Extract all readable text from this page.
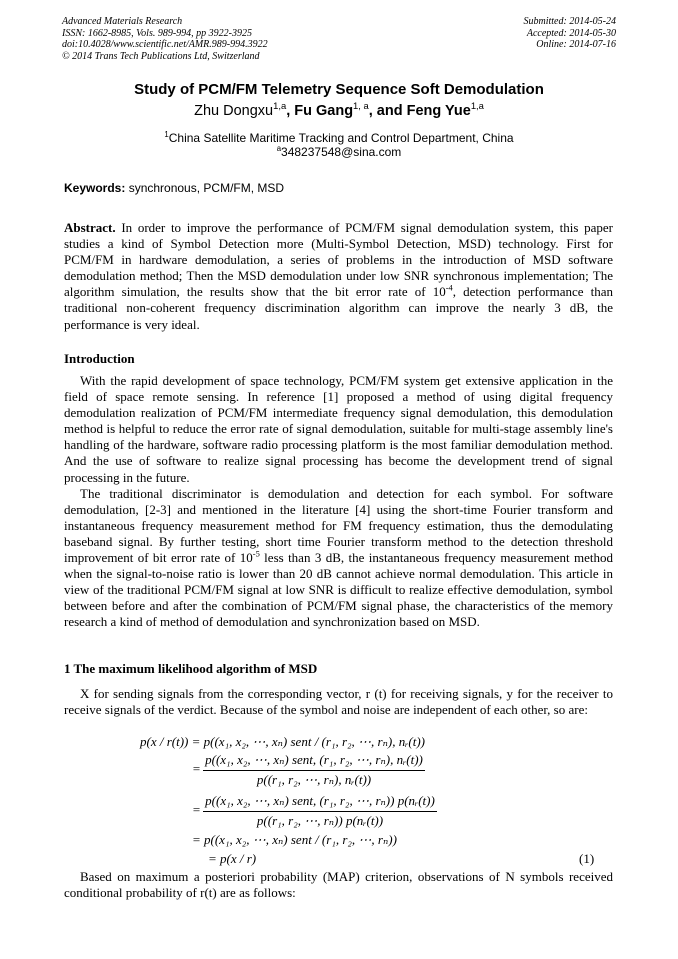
Advanced Materials Research
ISSN: 1662-8985, Vols. 989-994, pp 3922-3925
doi:10.4028/www.scientific.net/AMR.989-994.3922
© 2014 Trans Tech Publications Ltd, Switzerland
Submitted: 2014-05-24
Accepted: 2014-05-30
Online: 2014-07-16
Study of PCM/FM Telemetry Sequence Soft Demodulation
Zhu Dongxu$^{1,a}$, Fu Gang$^{1, a}$, and Feng Yue$^{1,a}$
$^1$China Satellite Maritime Tracking and Control Department, China
$^a$348237548@sina.com
Keywords: synchronous, PCM/FM, MSD

Abstract. In order to improve the performance of PCM/FM signal demodulation system, this paper studies a kind of Symbol Detection more (Multi-Symbol Detection, MSD) technology. First for PCM/FM in hardware demodulation, a series of problems in the introduction of MSD software demodulation method; Then the MSD demodulation under low SNR synchronous implementation; The algorithm simulation, the results show that the bit error rate of $10^{-4}$, detection performance than traditional non-coherent frequency discrimination algorithm can improve the nearly 3 dB, the performance is very ideal.

Introduction

With the rapid development of space technology, PCM/FM system get extensive application in the field of space remote sensing. In reference [1] proposed a method of using digital frequency demodulation realization of PCM/FM intermediate frequency signal demodulation, this demodulation method is helpful to reduce the error rate of signal demodulation, suitable for multi-stage assembly line's handling of the hardware, software radio processing platform is the most familiar demodulation method. And the use of software to realize signal processing has become the development trend of signal processing in the future.

The traditional discriminator is demodulation and detection for each symbol. For software demodulation, [2-3] and mentioned in the literature [4] using the short-time Fourier transform and instantaneous frequency measurement method for FM frequency estimation, thus the demodulating baseband signal. By further testing, short time Fourier transform method to the detection threshold improvement of bit error rate of $10^{-5}$ less than 3 dB, the instantaneous frequency measurement method when the signal-to-noise ratio is lower than 20 dB cannot achieve normal demodulation. This article in view of the traditional PCM/FM signal at low SNR is difficult to realize effective demodulation, symbol between before and after the combination of PCM/FM signal phase, the characteristics of the memory research a kind of method of demodulation and synchronization based on MSD.

1 The maximum likelihood algorithm of MSD

X for sending signals from the corresponding vector, r (t) for receiving signals, y for the receiver to receive signals of the verdict. Because of the symbol and noise are independent of each other, so are:

p(x / r(t)) = p((x₁, x₂, ⋯, xₙ) sent / (r₁, r₂, ⋯, rₙ), nᵣ(t))
=
p((x₁, x₂, ⋯, xₙ) sent, (r₁, r₂, ⋯, rₙ), nᵣ(t))
p((r₁, r₂, ⋯, rₙ), nᵣ(t))
=
p((x₁, x₂, ⋯, xₙ) sent, (r₁, r₂, ⋯, rₙ)) p(nᵣ(t))
p((r₁, r₂, ⋯, rₙ)) p(nᵣ(t))
= p((x₁, x₂, ⋯, xₙ) sent / (r₁, r₂, ⋯, rₙ))
= p(x / r)	(1)

Based on maximum a posteriori probability (MAP) criterion, observations of N symbols received conditional probability of r(t) are as follows:
